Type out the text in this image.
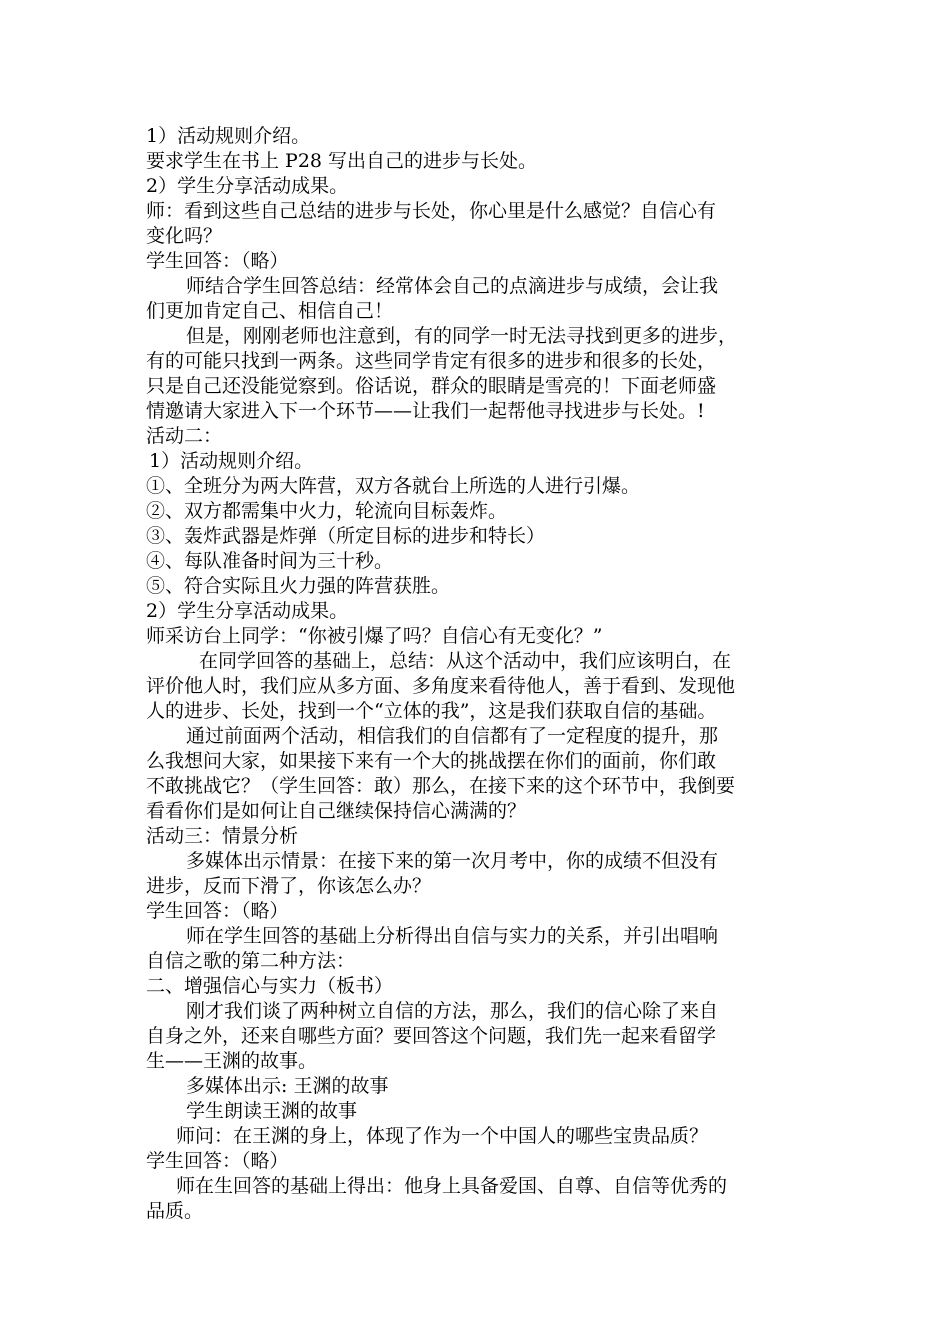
1）活动规则介绍。
要求学生在书上 P28 写出自己的进步与长处。
2）学生分享活动成果。
师：看到这些自己总结的进步与长处，你心里是什么感觉？自信心有
变化吗？
学生回答：（略）
师结合学生回答总结：经常体会自己的点滴进步与成绩，会让我
们更加肯定自己、相信自己！
但是，刚刚老师也注意到，有的同学一时无法寻找到更多的进步，
有的可能只找到一两条。这些同学肯定有很多的进步和很多的长处，
只是自己还没能觉察到。俗话说，群众的眼睛是雪亮的！下面老师盛
情邀请大家进入下一个环节——让我们一起帮他寻找进步与长处。!
活动二：
1）活动规则介绍。
①、全班分为两大阵营，双方各就台上所选的人进行引爆。
②、双方都需集中火力，轮流向目标轰炸。
③、轰炸武器是炸弹（所定目标的进步和特长）
④、每队准备时间为三十秒。
⑤、符合实际且火力强的阵营获胜。
2）学生分享活动成果。
师采访台上同学：“你被引爆了吗？自信心有无变化？”
在同学回答的基础上，总结：从这个活动中，我们应该明白，在
评价他人时，我们应从多方面、多角度来看待他人，善于看到、发现他
人的进步、长处，找到一个“立体的我”，这是我们获取自信的基础。
通过前面两个活动，相信我们的自信都有了一定程度的提升，那
么我想问大家，如果接下来有一个大的挑战摆在你们的面前，你们敢
不敢挑战它？（学生回答：敢）那么，在接下来的这个环节中，我倒要
看看你们是如何让自己继续保持信心满满的？
活动三：情景分析
多媒体出示情景：在接下来的第一次月考中，你的成绩不但没有
进步，反而下滑了，你该怎么办？
学生回答：（略）
师在学生回答的基础上分析得出自信与实力的关系，并引出唱响
自信之歌的第二种方法：
二、增强信心与实力（板书）
刚才我们谈了两种树立自信的方法，那么，我们的信心除了来自
自身之外，还来自哪些方面？要回答这个问题，我们先一起来看留学
生——王渊的故事。
多媒体出示: 王渊的故事
学生朗读王渊的故事
师问：在王渊的身上，体现了作为一个中国人的哪些宝贵品质？
学生回答：（略）
师在生回答的基础上得出：他身上具备爱国、自尊、自信等优秀的
品质。
